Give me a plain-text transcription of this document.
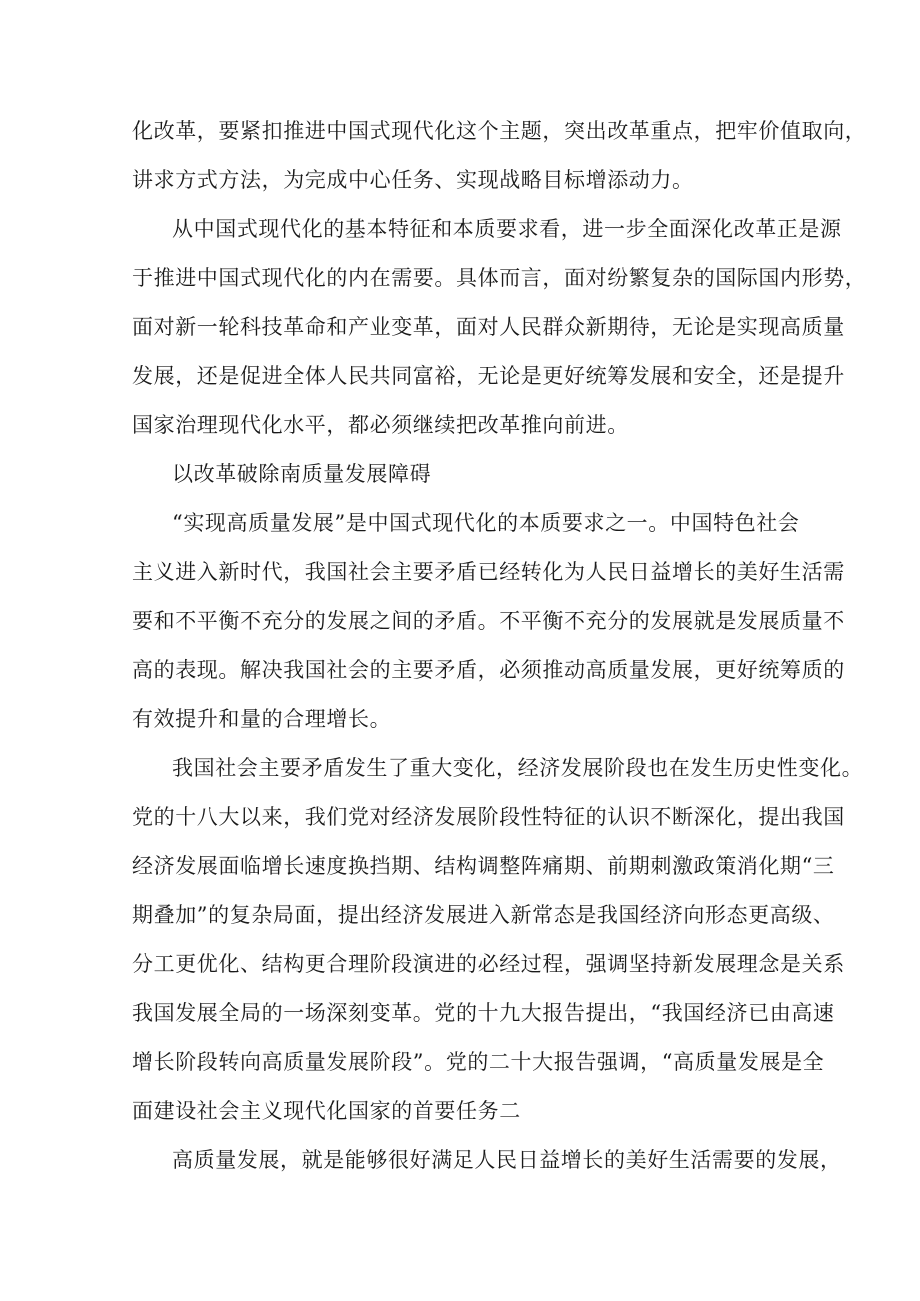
化改革，要紧扣推进中国式现代化这个主题，突出改革重点，把牢价值取向，

讲求方式方法，为完成中心任务、实现战略目标增添动力。

从中国式现代化的基本特征和本质要求看，进一步全面深化改革正是源

于推进中国式现代化的内在需要。具体而言，面对纷繁复杂的国际国内形势，

面对新一轮科技革命和产业变革，面对人民群众新期待，无论是实现高质量

发展，还是促进全体人民共同富裕，无论是更好统筹发展和安全，还是提升

国家治理现代化水平，都必须继续把改革推向前进。

以改革破除南质量发展障碍

“实现高质量发展”是中国式现代化的本质要求之一。中国特色社会

主义进入新时代，我国社会主要矛盾已经转化为人民日益增长的美好生活需

要和不平衡不充分的发展之间的矛盾。不平衡不充分的发展就是发展质量不

高的表现。解决我国社会的主要矛盾，必须推动高质量发展，更好统筹质的

有效提升和量的合理增长。

我国社会主要矛盾发生了重大变化，经济发展阶段也在发生历史性变化。

党的十八大以来，我们党对经济发展阶段性特征的认识不断深化，提出我国

经济发展面临增长速度换挡期、结构调整阵痛期、前期刺激政策消化期“三

期叠加”的复杂局面，提出经济发展进入新常态是我国经济向形态更高级、

分工更优化、结构更合理阶段演进的必经过程，强调坚持新发展理念是关系

我国发展全局的一场深刻变革。党的十九大报告提出，“我国经济已由高速

增长阶段转向高质量发展阶段”。党的二十大报告强调，“高质量发展是全

面建设社会主义现代化国家的首要任务二

高质量发展，就是能够很好满足人民日益增长的美好生活需要的发展，
